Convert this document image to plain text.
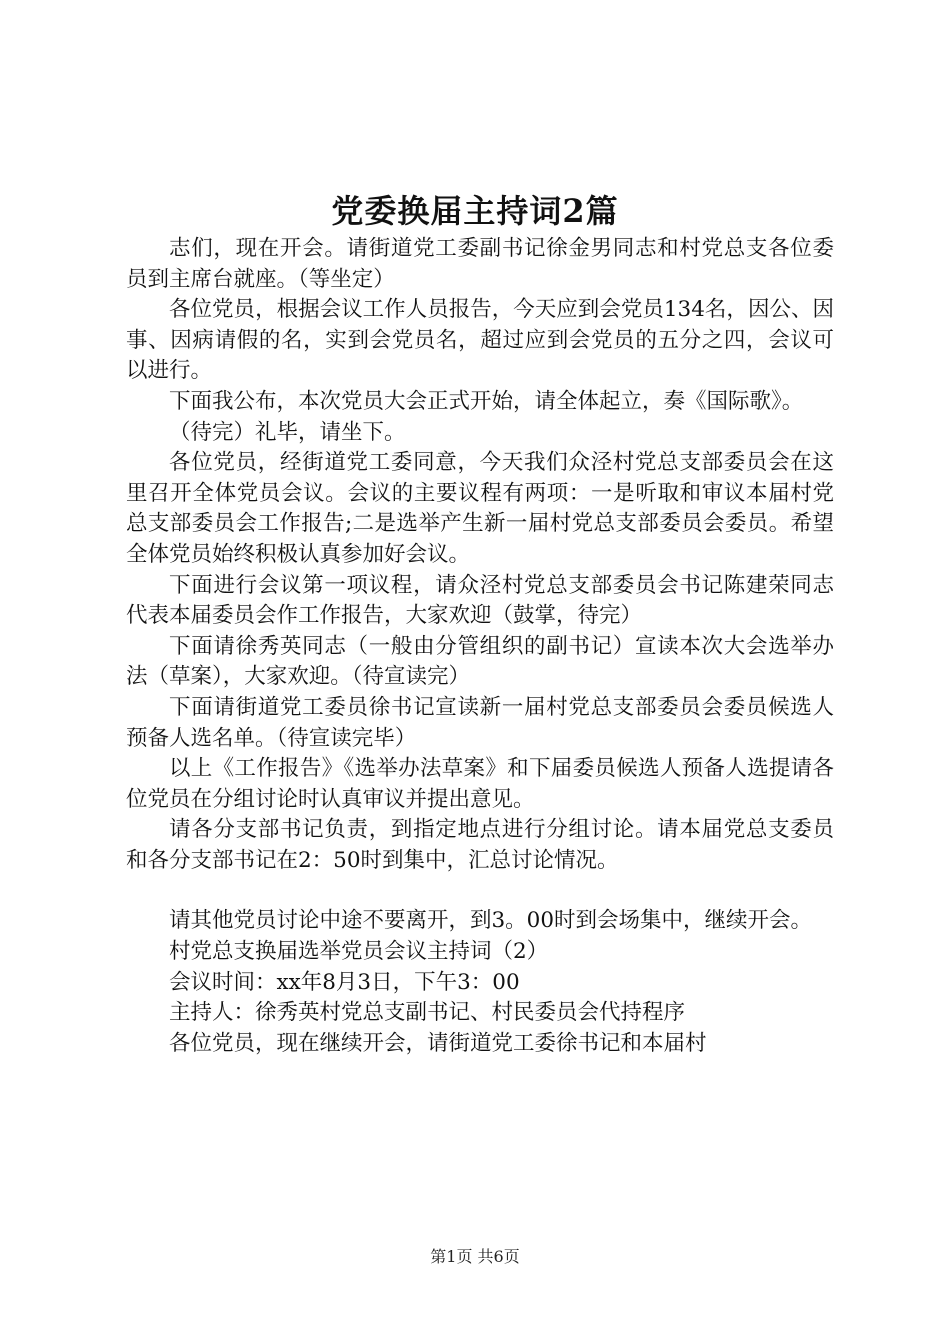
党委换届主持词2篇

志们，现在开会。请街道党工委副书记徐金男同志和村党总支各位委员到主席台就座。（等坐定）

各位党员，根据会议工作人员报告，今天应到会党员134名，因公、因事、因病请假的名，实到会党员名，超过应到会党员的五分之四，会议可以进行。

下面我公布，本次党员大会正式开始，请全体起立，奏《国际歌》。

（待完）礼毕，请坐下。

各位党员，经街道党工委同意，今天我们众泾村党总支部委员会在这里召开全体党员会议。会议的主要议程有两项：一是听取和审议本届村党总支部委员会工作报告;二是选举产生新一届村党总支部委员会委员。希望全体党员始终积极认真参加好会议。

下面进行会议第一项议程，请众泾村党总支部委员会书记陈建荣同志代表本届委员会作工作报告，大家欢迎（鼓掌，待完）

下面请徐秀英同志（一般由分管组织的副书记）宣读本次大会选举办法（草案），大家欢迎。（待宣读完）

下面请街道党工委员徐书记宣读新一届村党总支部委员会委员候选人预备人选名单。（待宣读完毕）

以上《工作报告》《选举办法草案》和下届委员候选人预备人选提请各位党员在分组讨论时认真审议并提出意见。

请各分支部书记负责，到指定地点进行分组讨论。请本届党总支委员和各分支部书记在2：50时到集中，汇总讨论情况。

请其他党员讨论中途不要离开，到3。00时到会场集中，继续开会。

村党总支换届选举党员会议主持词（2）

会议时间：xx年8月3日，下午3：00

主持人：徐秀英村党总支副书记、村民委员会代持程序

各位党员，现在继续开会，请街道党工委徐书记和本届村

第1页 共6页
